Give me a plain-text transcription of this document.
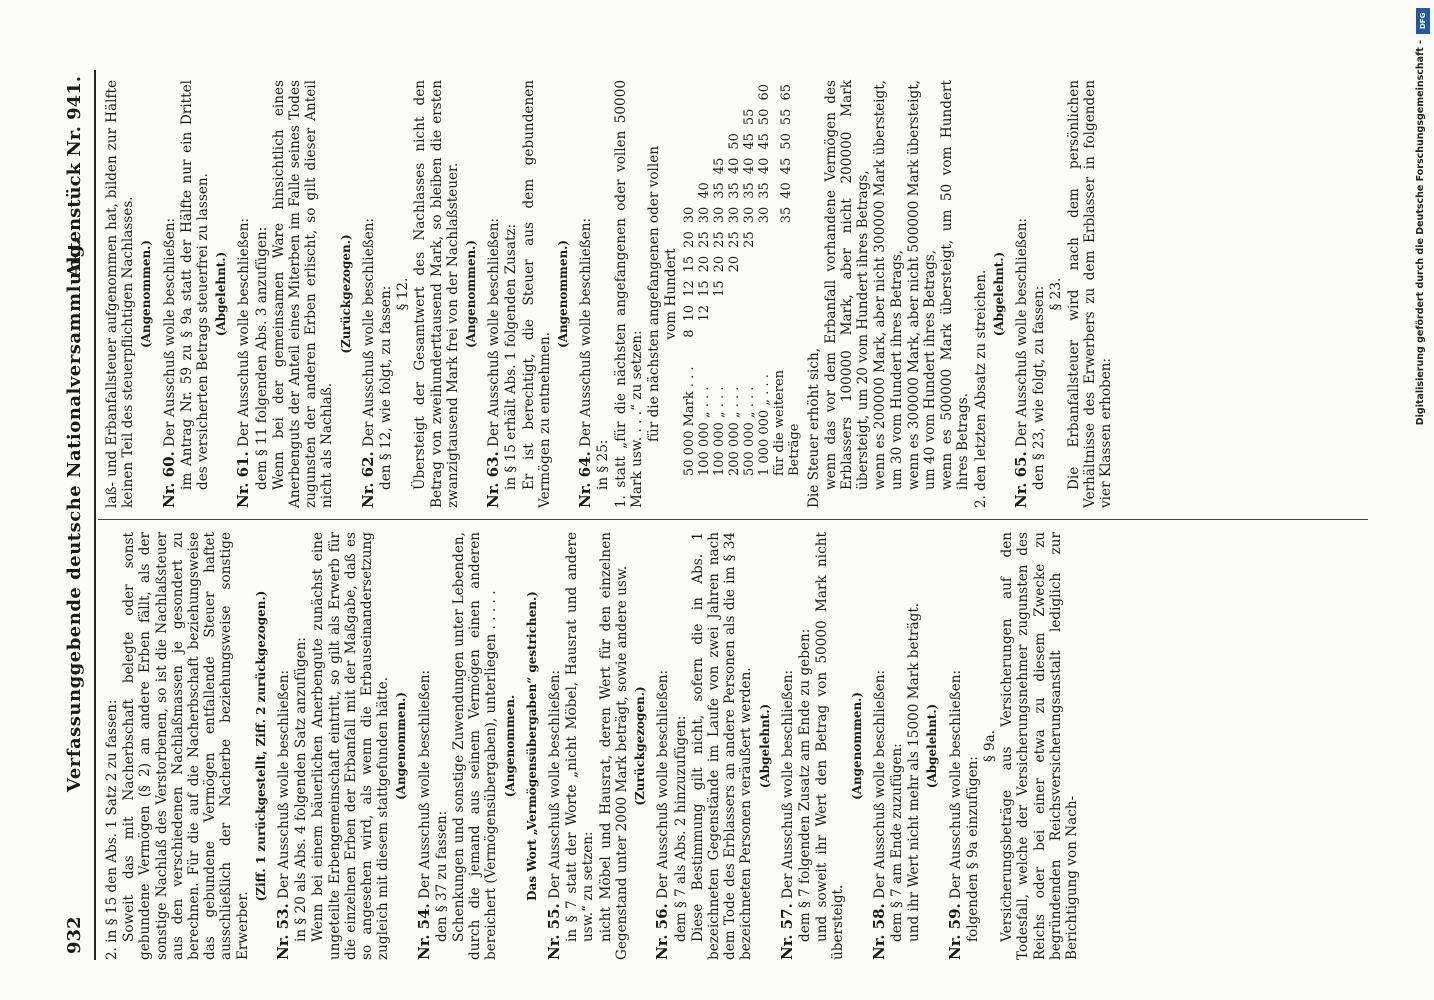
932
Verfassunggebende deutsche Nationalversammlung.
Aktenstück Nr. 941.

2. in § 15 den Abs. 1 Satz 2 zu fassen: Soweit das mit Nacherbschaft belegte oder sonst gebundene Vermögen (§ 2) an andere Erben fällt, als der sonstige Nachlaß des Verstorbenen, so ist die Nachlaßsteuer aus den verschiedenen Nachlaßmassen je gesondert zu berechnen. Für die auf die Nacherbschaft beziehungsweise das gebundene Vermögen entfallende Steuer haftet ausschließlich der Nacherbe beziehungsweise sonstige Erwerber.

(Ziff. 1 zurückgestellt, Ziff. 2 zurückgezogen.)

Nr. 53. Der Ausschuß wolle beschließen: in § 20 als Abs. 4 folgenden Satz anzufügen: Wenn bei einem bäuerlichen Anerbengute zunächst eine ungeteilte Erbengemeinschaft eintritt, so gilt als Erwerb für die einzelnen Erben der Erbanfall mit der Maßgabe, daß es so angesehen wird, als wenn die Erbauseinandersetzung zugleich mit diesem stattgefunden hätte. (Angenommen.)

Nr. 54. Der Ausschuß wolle beschließen: den § 37 zu fassen: Schenkungen und sonstige Zuwendungen unter Lebenden, durch die jemand aus seinem Vermögen einen anderen bereichert (Vermögensübergaben), unterliegen . . . . . (Angenommen. Das Wort „Vermögensübergaben“ gestrichen.)

Nr. 55. Der Ausschuß wolle beschließen: in § 7 statt der Worte „nicht Möbel, Hausrat und andere usw.“ zu setzen: nicht Möbel und Hausrat, deren Wert für den einzelnen Gegenstand unter 2000 Mark beträgt, sowie andere usw. (Zurückgezogen.)

Nr. 56. Der Ausschuß wolle beschließen: dem § 7 als Abs. 2 hinzuzufügen: Diese Bestimmung gilt nicht, sofern die in Abs. 1 bezeichneten Gegenstände im Laufe von zwei Jahren nach dem Tode des Erblassers an andere Personen als die im § 34 bezeichneten Personen veräußert werden. (Abgelehnt.)

Nr. 57. Der Ausschuß wolle beschließen: dem § 7 folgenden Zusatz am Ende zu geben: und soweit ihr Wert den Betrag von 50000 Mark nicht übersteigt.

(Angenommen.)

Nr. 58. Der Ausschuß wolle beschließen: dem § 7 am Ende zuzufügen: und ihr Wert nicht mehr als 15000 Mark beträgt. (Abgelehnt.)

Nr. 59. Der Ausschuß wolle beschließen: folgenden § 9a einzufügen:

§ 9a. Versicherungsbeträge aus Versicherungen auf den Todesfall, welche der Versicherungsnehmer zugunsten des Reichs oder bei einer etwa zu diesem Zwecke zu begründenden Reichsversicherungsanstalt lediglich zur Berichtigung von Nach-

laß- und Erbanfallsteuer aufgenommen hat, bilden zur Hälfte keinen Teil des steuerpflichtigen Nachlasses. (Angenommen.)

Nr. 60. Der Ausschuß wolle beschließen: im Antrag Nr. 59 zu § 9a statt der Hälfte nur ein Drittel des versicherten Betrags steuerfrei zu lassen. (Abgelehnt.)

Nr. 61. Der Ausschuß wolle beschließen: dem § 11 folgenden Abs. 3 anzufügen: Wenn bei der gemeinsamen Ware hinsichtlich eines Anerbenguts der Anteil eines Miterben im Falle seines Todes zugunsten der anderen Erben erlischt, so gilt dieser Anteil nicht als Nachlaß.

(Zurückgezogen.)

Nr. 62. Der Ausschuß wolle beschließen: den § 12, wie folgt, zu fassen: § 12. Übersteigt der Gesamtwert des Nachlasses nicht den Betrag von zweihunderttausend Mark, so bleiben die ersten zwanzigtausend Mark frei von der Nachlaßsteuer. (Angenommen.)

Nr. 63. Der Ausschuß wolle beschließen: in § 15 erhält Abs. 1 folgenden Zusatz: Er ist berechtigt, die Steuer aus dem gebundenen Vermögen zu entnehmen.

(Angenommen.)

Nr. 64. Der Ausschuß wolle beschließen:

in § 25: 1. statt „für die nächsten angefangenen oder vollen 50000 Mark usw. . . .“ zu setzen: für die nächsten angefangenen oder vollen vom Hundert

50 000 Mark . . .	8	10	12	15	20	30					
100 000 „ . . .		12	15	20	25	30	40				
100 000 „ . . .			15	20	25	30	35	45			
200 000 „ . . .				20	25	30	35	40	50		
500 000 „ . . .					25	30	35	40	45	55	
1 000 000 „ . . .						30	35	40	45	50	60
für die weiteren Beträge						35	40	45	50	55	65

Die Steuer erhöht sich, wenn das vor dem Erbanfall vorhandene Vermögen des Erblassers 100000 Mark, aber nicht 200000 Mark übersteigt, um 20 vom Hundert ihres Betrags, wenn es 200000 Mark, aber nicht 300000 Mark übersteigt, um 30 vom Hundert ihres Betrags, wenn es 300000 Mark, aber nicht 500000 Mark übersteigt, um 40 vom Hundert ihres Betrags, wenn es 500000 Mark übersteigt, um 50 vom Hundert ihres Betrags. 2. den letzten Absatz zu streichen. (Abgelehnt.)

Nr. 65. Der Ausschuß wolle beschließen: den § 23, wie folgt, zu fassen: § 23. Die Erbanfallsteuer wird nach dem persönlichen Verhältnisse des Erwerbers zu dem Erblasser in folgenden vier Klassen erhoben:

DFG
Digitalisierung gefördert durch die Deutsche Forschungsgemeinschaft -
